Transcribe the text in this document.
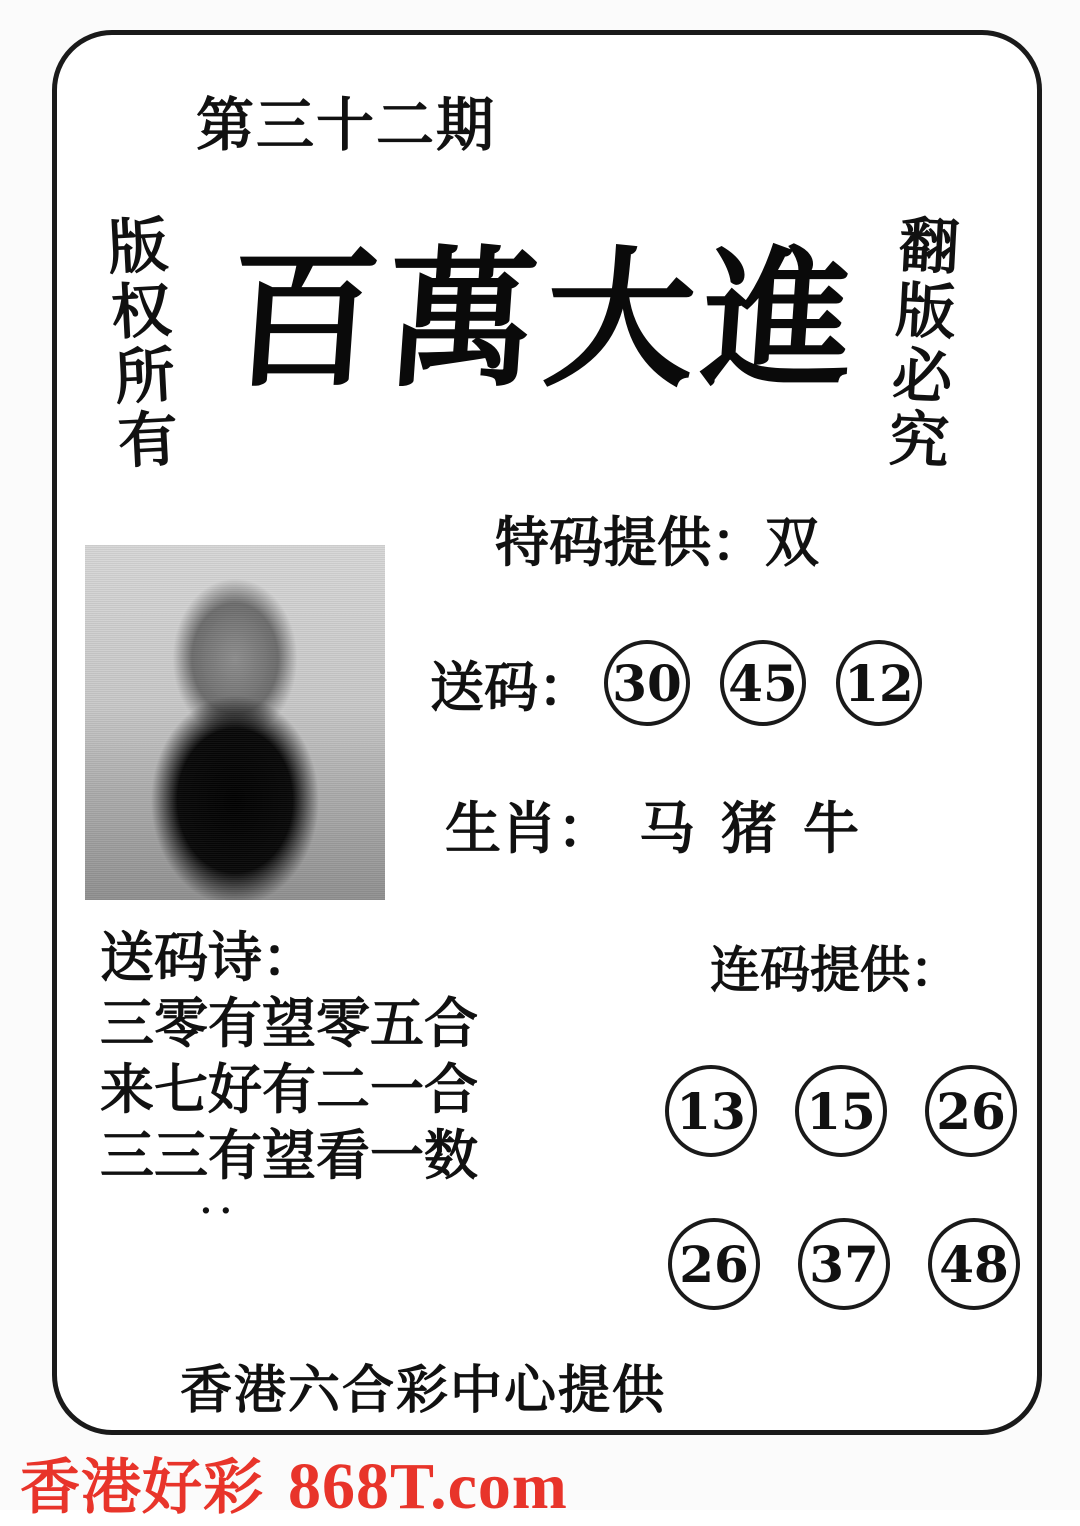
第三十二期
版
权
所
有
翻
版
必
究
百萬大進
特码提供：双
送码： 30 45 12
生肖： 马 猪 牛
送码诗：
三零有望零五合
来七好有二一合
三三有望看一数
..
连码提供：
13 15 26
26 37 48
香港六合彩中心提供
香港好彩 868T.com
